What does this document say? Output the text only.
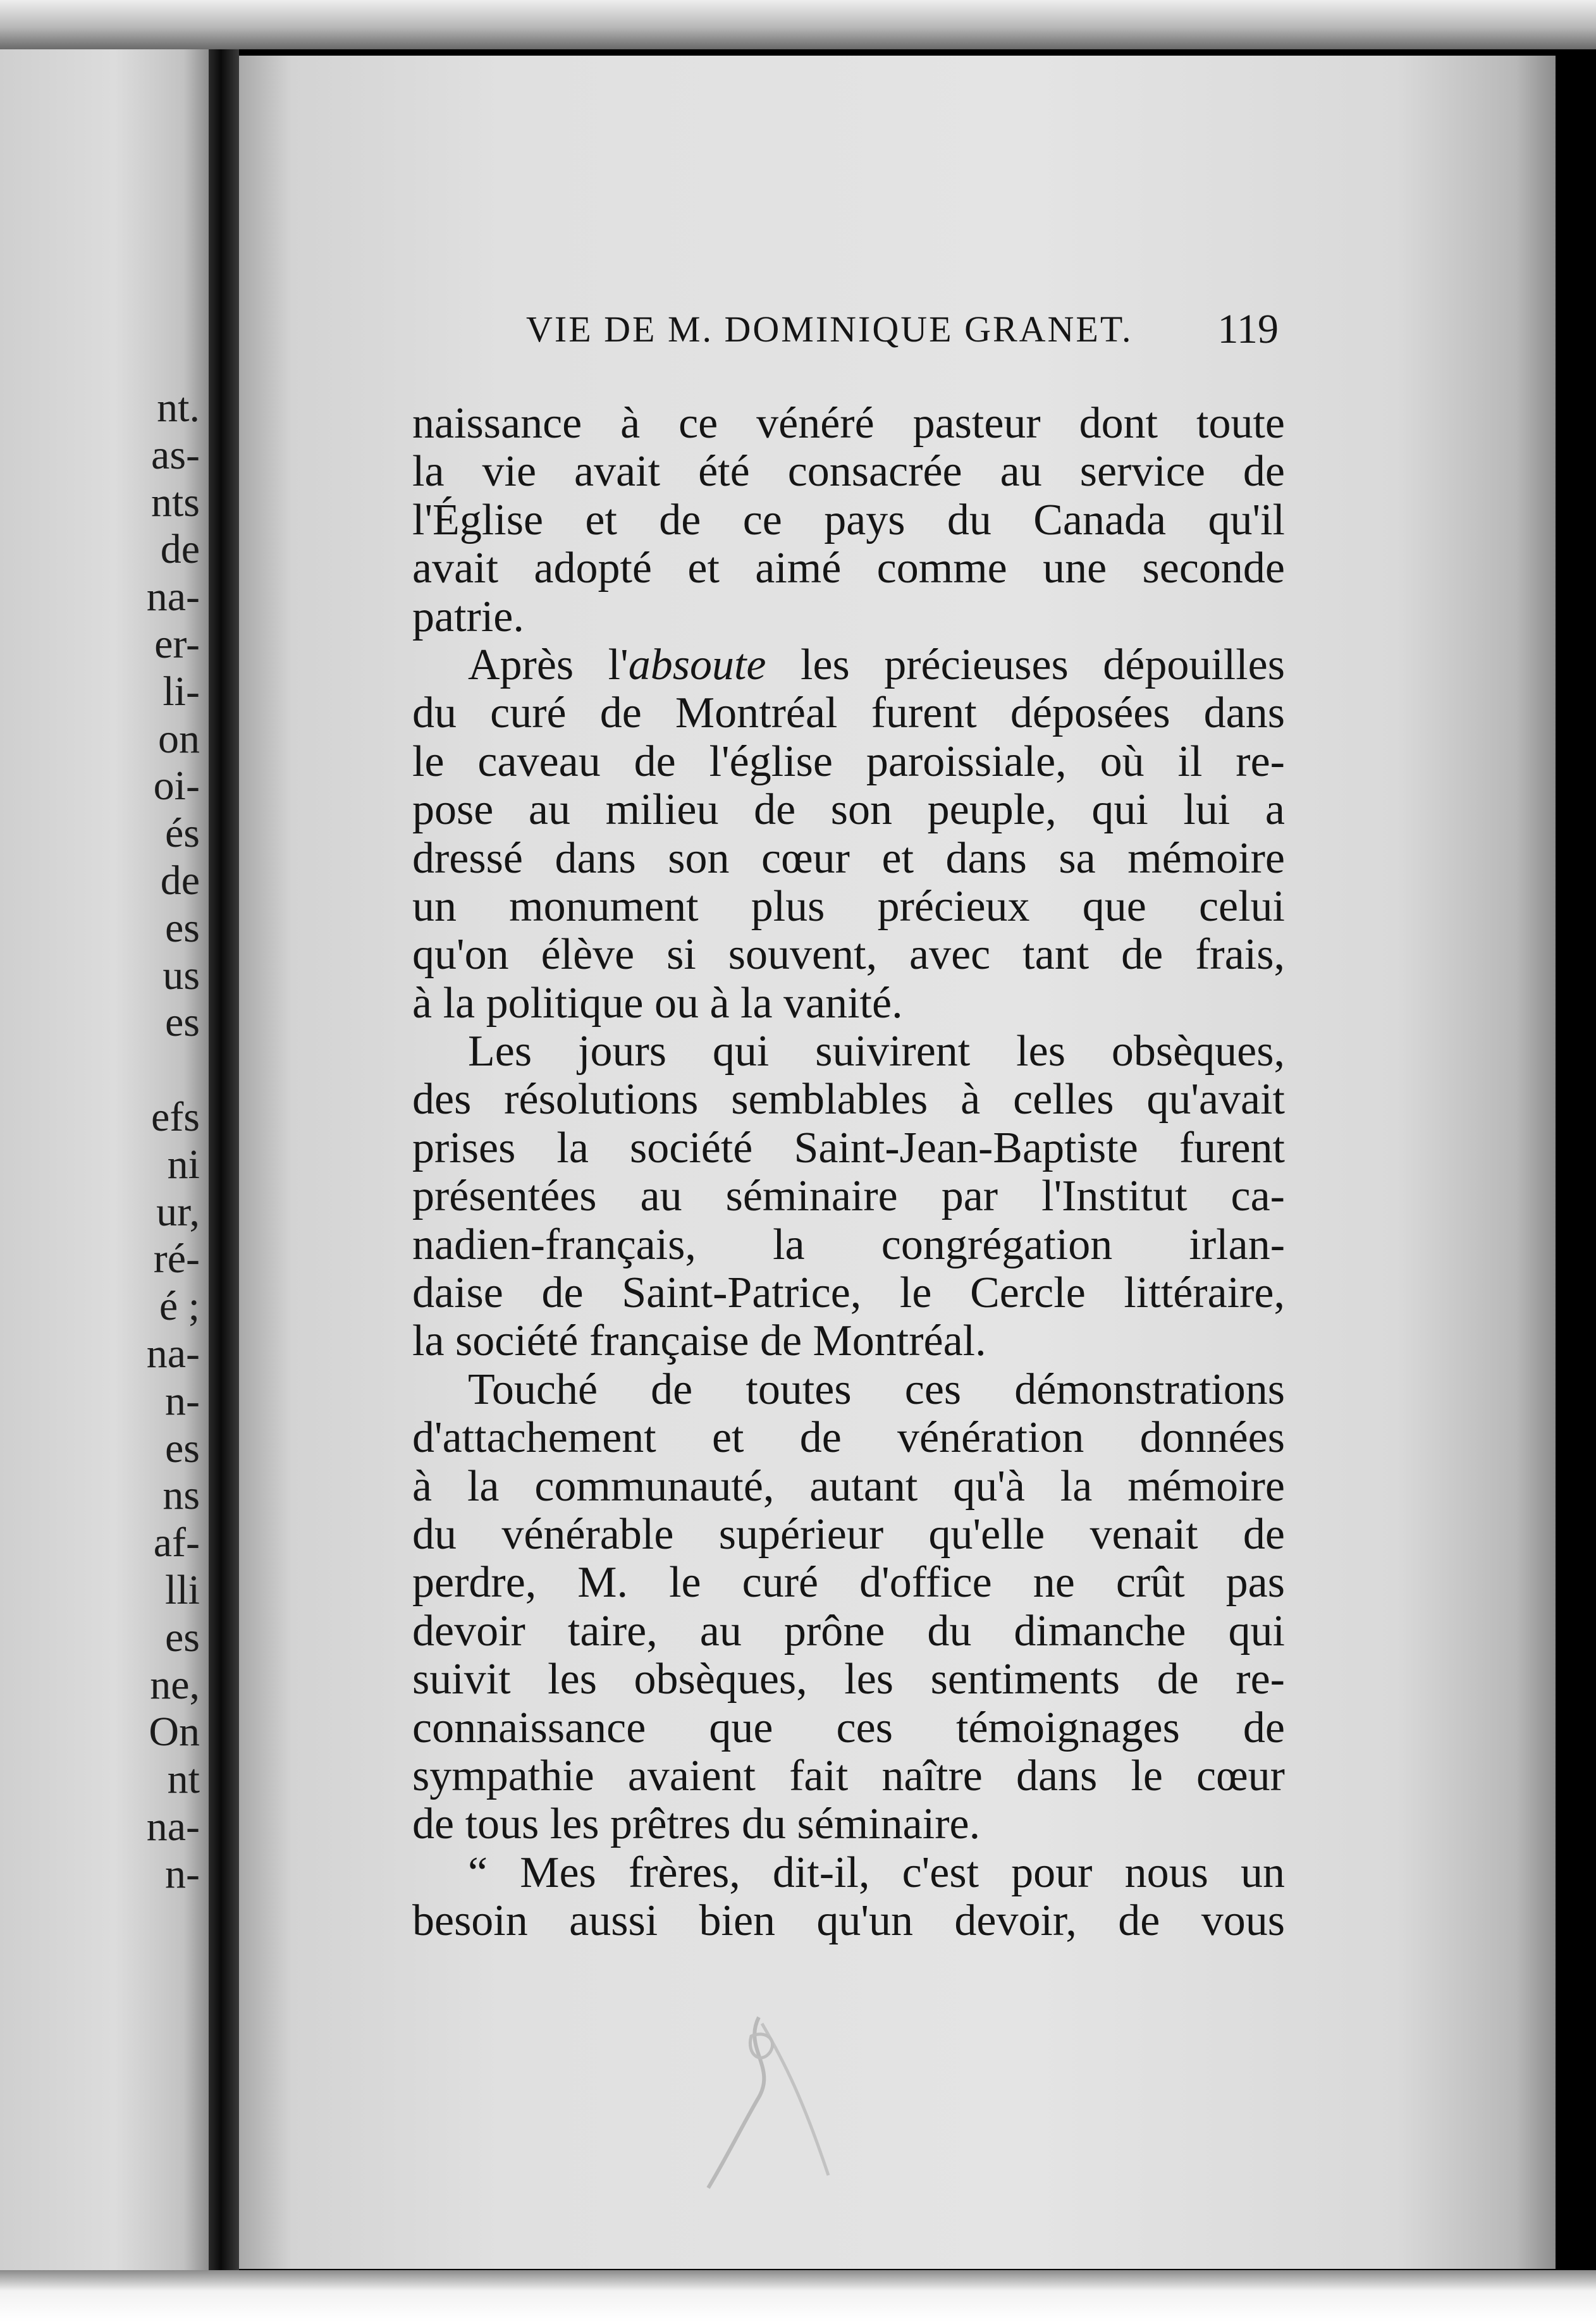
nt.
as-
nts
de
na-
er-
li-
on
oi-
és
de
es
us
es
efs
ni
ur,
ré-
é ;
na-
n-
es
ns
af-
lli
es
ne,
On
nt
na-
n-
VIE DE M. DOMINIQUE GRANET. 119
naissance à ce vénéré pasteur dont toute
la vie avait été consacrée au service de
l'Église et de ce pays du Canada qu'il
avait adopté et aimé comme une seconde
patrie.
Après l'absoute les précieuses dépouilles
du curé de Montréal furent déposées dans
le caveau de l'église paroissiale, où il re-
pose au milieu de son peuple, qui lui a
dressé dans son cœur et dans sa mémoire
un monument plus précieux que celui
qu'on élève si souvent, avec tant de frais,
à la politique ou à la vanité.
Les jours qui suivirent les obsèques,
des résolutions semblables à celles qu'avait
prises la société Saint-Jean-Baptiste furent
présentées au séminaire par l'Institut ca-
nadien-français, la congrégation irlan-
daise de Saint-Patrice, le Cercle littéraire,
la société française de Montréal.
Touché de toutes ces démonstrations
d'attachement et de vénération données
à la communauté, autant qu'à la mémoire
du vénérable supérieur qu'elle venait de
perdre, M. le curé d'office ne crût pas
devoir taire, au prône du dimanche qui
suivit les obsèques, les sentiments de re-
connaissance que ces témoignages de
sympathie avaient fait naître dans le cœur
de tous les prêtres du séminaire.
“ Mes frères, dit-il, c'est pour nous un
besoin aussi bien qu'un devoir, de vous
